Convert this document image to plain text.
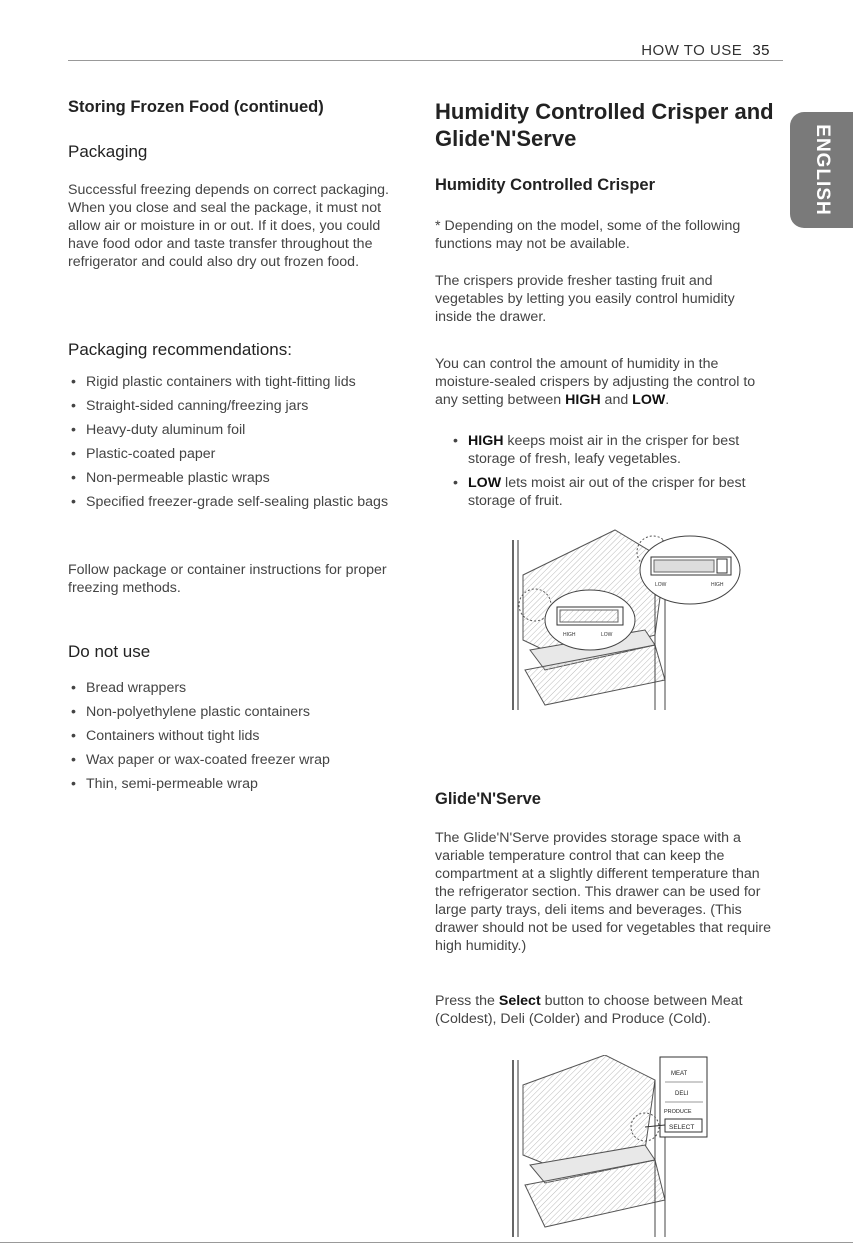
HOW TO USE 35
ENGLISH
Storing Frozen Food (continued)
Packaging

Successful freezing depends on correct packaging. When you close and seal the package, it must not allow air or moisture in or out. If it does, you could have food odor and taste transfer throughout the refrigerator and could also dry out frozen food.

Packaging recommendations:
• Rigid plastic containers with tight-fitting lids
• Straight-sided canning/freezing jars
• Heavy-duty aluminum foil
• Plastic-coated paper
• Non-permeable plastic wraps
• Specified freezer-grade self-sealing plastic bags

Follow package or container instructions for proper freezing methods.

Do not use
• Bread wrappers
• Non-polyethylene plastic containers
• Containers without tight lids
• Wax paper or wax-coated freezer wrap
• Thin, semi-permeable wrap
Humidity Controlled Crisper and Glide'N'Serve
Humidity Controlled Crisper

* Depending on the model, some of the following functions may not be available.

The crispers provide fresher tasting fruit and vegetables by letting you easily control humidity inside the drawer.

You can control the amount of humidity in the moisture-sealed crispers by adjusting the control to any setting between HIGH and LOW.

• HIGH keeps moist air in the crisper for best storage of fresh, leafy vegetables.
• LOW lets moist air out of the crisper for best storage of fruit.
LOW	HIGH
HIGH	LOW
Glide'N'Serve

The Glide'N'Serve provides storage space with a variable temperature control that can keep the compartment at a slightly different temperature than the refrigerator section. This drawer can be used for large party trays, deli items and beverages. (This drawer should not be used for vegetables that require high humidity.)

Press the Select button to choose between Meat (Coldest), Deli (Colder) and Produce (Cold).

MEAT
DELI
PRODUCE
SELECT
